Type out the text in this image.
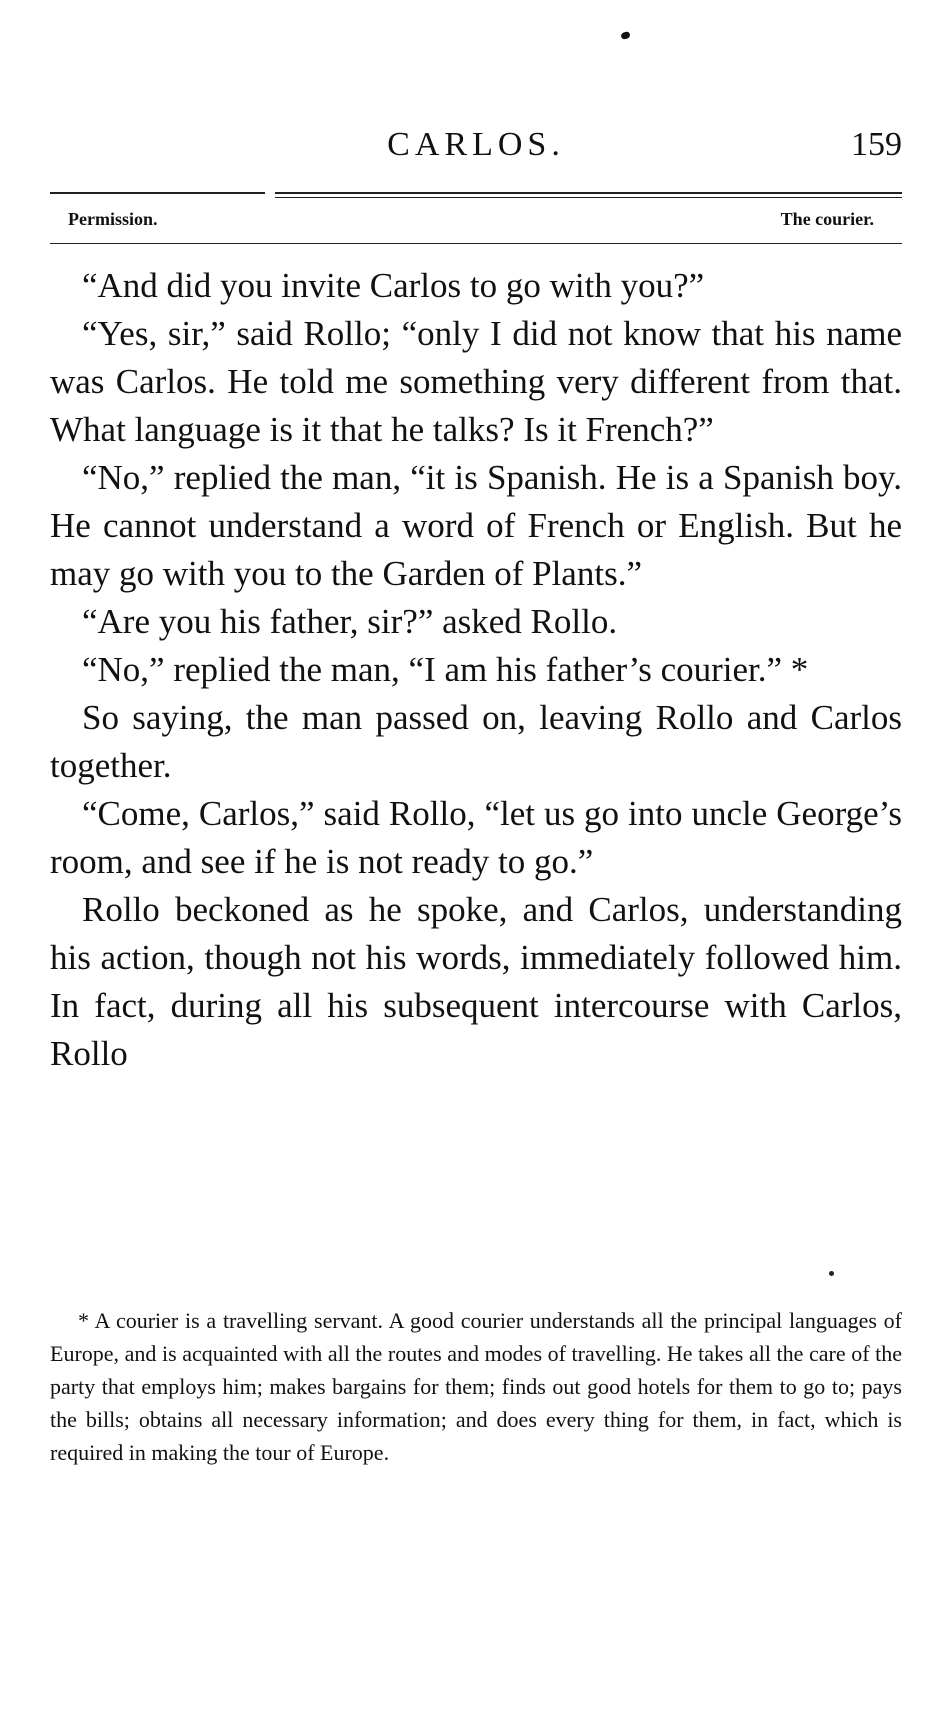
CARLOS.	159
Permission.	The courier.

“And did you invite Carlos to go with you?”

“Yes, sir,” said Rollo; “only I did not know that his name was Carlos. He told me something very different from that. What language is it that he talks? Is it French?”

“No,” replied the man, “it is Spanish. He is a Spanish boy. He cannot understand a word of French or English. But he may go with you to the Garden of Plants.”

“Are you his father, sir?” asked Rollo.

“No,” replied the man, “I am his father’s courier.” *

So saying, the man passed on, leaving Rollo and Carlos together.

“Come, Carlos,” said Rollo, “let us go into uncle George’s room, and see if he is not ready to go.”

Rollo beckoned as he spoke, and Carlos, understanding his action, though not his words, immediately followed him. In fact, during all his subsequent intercourse with Carlos, Rollo

* A courier is a travelling servant. A good courier understands all the principal languages of Europe, and is acquainted with all the routes and modes of travelling. He takes all the care of the party that employs him; makes bargains for them; finds out good hotels for them to go to; pays the bills; obtains all necessary information; and does every thing for them, in fact, which is required in making the tour of Europe.
